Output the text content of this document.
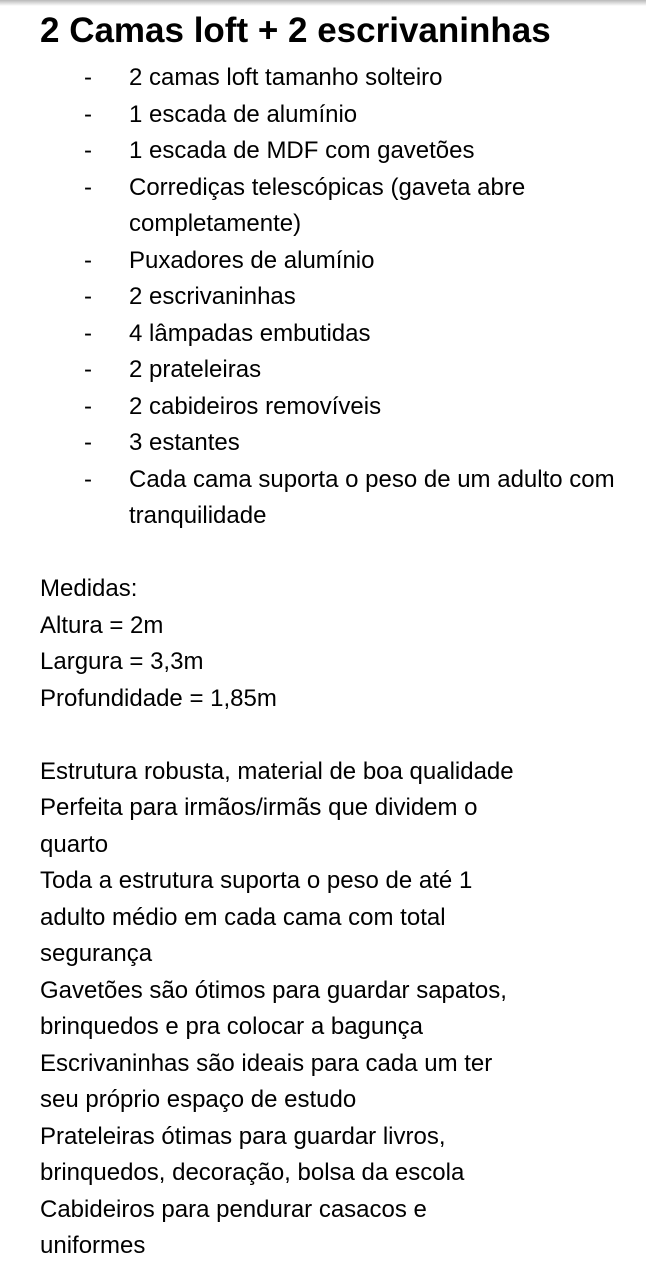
2 Camas loft + 2 escrivaninhas
- 2 camas loft tamanho solteiro
- 1 escada de alumínio
- 1 escada de MDF com gavetões
- Corrediças telescópicas (gaveta abre completamente)
- Puxadores de alumínio
- 2 escrivaninhas
- 4 lâmpadas embutidas
- 2 prateleiras
- 2 cabideiros removíveis
- 3 estantes
- Cada cama suporta o peso de um adulto com tranquilidade
Medidas:
Altura = 2m
Largura = 3,3m
Profundidade = 1,85m
Estrutura robusta, material de boa qualidade
Perfeita para irmãos/irmãs que dividem o
quarto
Toda a estrutura suporta o peso de até 1
adulto médio em cada cama com total
segurança
Gavetões são ótimos para guardar sapatos,
brinquedos e pra colocar a bagunça
Escrivaninhas são ideais para cada um ter
seu próprio espaço de estudo
Prateleiras ótimas para guardar livros,
brinquedos, decoração, bolsa da escola
Cabideiros para pendurar casacos e
uniformes
